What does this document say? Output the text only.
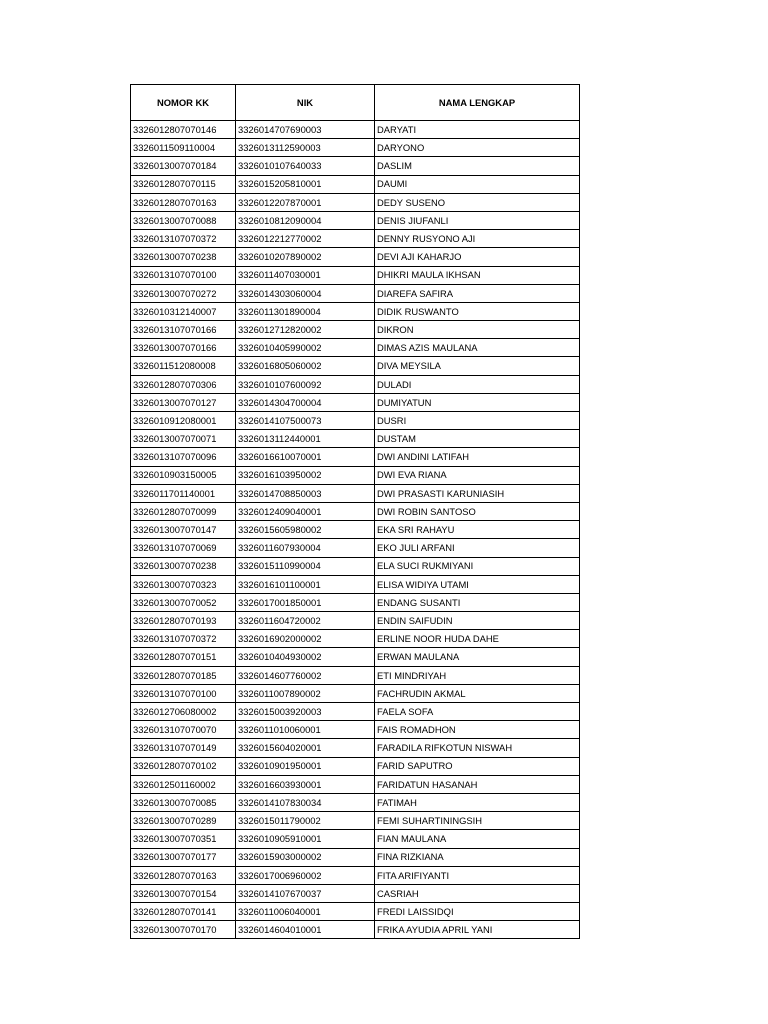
NOMOR KK	NIK	NAMA LENGKAP
3326012807070146	3326014707690003	DARYATI
3326011509110004	3326013112590003	DARYONO
3326013007070184	3326010107640033	DASLIM
3326012807070115	3326015205810001	DAUMI
3326012807070163	3326012207870001	DEDY SUSENO
3326013007070088	3326010812090004	DENIS JIUFANLI
3326013107070372	3326012212770002	DENNY RUSYONO AJI
3326013007070238	3326010207890002	DEVI AJI KAHARJO
3326013107070100	3326011407030001	DHIKRI MAULA IKHSAN
3326013007070272	3326014303060004	DIAREFA SAFIRA
3326010312140007	3326011301890004	DIDIK RUSWANTO
3326013107070166	3326012712820002	DIKRON
3326013007070166	3326010405990002	DIMAS AZIS MAULANA
3326011512080008	3326016805060002	DIVA MEYSILA
3326012807070306	3326010107600092	DULADI
3326013007070127	3326014304700004	DUMIYATUN
3326010912080001	3326014107500073	DUSRI
3326013007070071	3326013112440001	DUSTAM
3326013107070096	3326016610070001	DWI ANDINI LATIFAH
3326010903150005	3326016103950002	DWI EVA RIANA
3326011701140001	3326014708850003	DWI PRASASTI KARUNIASIH
3326012807070099	3326012409040001	DWI ROBIN SANTOSO
3326013007070147	3326015605980002	EKA SRI RAHAYU
3326013107070069	3326011607930004	EKO JULI ARFANI
3326013007070238	3326015110990004	ELA SUCI RUKMIYANI
3326013007070323	3326016101100001	ELISA WIDIYA UTAMI
3326013007070052	3326017001850001	ENDANG SUSANTI
3326012807070193	3326011604720002	ENDIN SAIFUDIN
3326013107070372	3326016902000002	ERLINE NOOR HUDA DAHE
3326012807070151	3326010404930002	ERWAN MAULANA
3326012807070185	3326014607760002	ETI MINDRIYAH
3326013107070100	3326011007890002	FACHRUDIN AKMAL
3326012706080002	3326015003920003	FAELA SOFA
3326013107070070	3326011010060001	FAIS ROMADHON
3326013107070149	3326015604020001	FARADILA RIFKOTUN NISWAH
3326012807070102	3326010901950001	FARID SAPUTRO
3326012501160002	3326016603930001	FARIDATUN HASANAH
3326013007070085	3326014107830034	FATIMAH
3326013007070289	3326015011790002	FEMI SUHARTININGSIH
3326013007070351	3326010905910001	FIAN MAULANA
3326013007070177	3326015903000002	FINA RIZKIANA
3326012807070163	3326017006960002	FITA ARIFIYANTI
3326013007070154	3326014107670037	CASRIAH
3326012807070141	3326011006040001	FREDI LAISSIDQI
3326013007070170	3326014604010001	FRIKA AYUDIA APRIL YANI
